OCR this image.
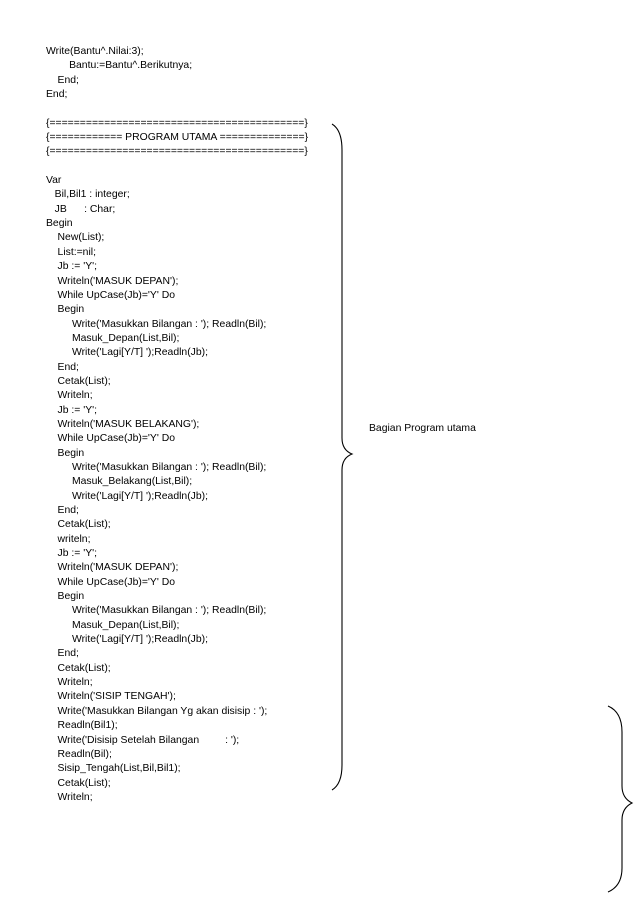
Write(Bantu^.Nilai:3);
Bantu:=Bantu^.Berikutnya;
End;
End;
{==========================================}
{============ PROGRAM UTAMA ==============}
{==========================================}
Var
Bil,Bil1 : integer;
JB      : Char;
Begin
New(List);
List:=nil;
Jb := 'Y';
Writeln('MASUK DEPAN');
While UpCase(Jb)='Y' Do
Begin
Write('Masukkan Bilangan : '); Readln(Bil);
Masuk_Depan(List,Bil);
Write('Lagi[Y/T] ');Readln(Jb);
End;
Cetak(List);
Writeln;
Jb := 'Y';
Writeln('MASUK BELAKANG');
While UpCase(Jb)='Y' Do
Begin
Write('Masukkan Bilangan : '); Readln(Bil);
Masuk_Belakang(List,Bil);
Write('Lagi[Y/T] ');Readln(Jb);
End;
Cetak(List);
writeln;
Jb := 'Y';
Writeln('MASUK DEPAN');
While UpCase(Jb)='Y' Do
Begin
Write('Masukkan Bilangan : '); Readln(Bil);
Masuk_Depan(List,Bil);
Write('Lagi[Y/T] ');Readln(Jb);
End;
Cetak(List);
Writeln;
Writeln('SISIP TENGAH');
Write('Masukkan Bilangan Yg akan disisip : ');
Readln(Bil1);
Write('Disisip Setelah Bilangan         : ');
Readln(Bil);
Sisip_Tengah(List,Bil,Bil1);
Cetak(List);
Writeln;
Bagian Program utama
